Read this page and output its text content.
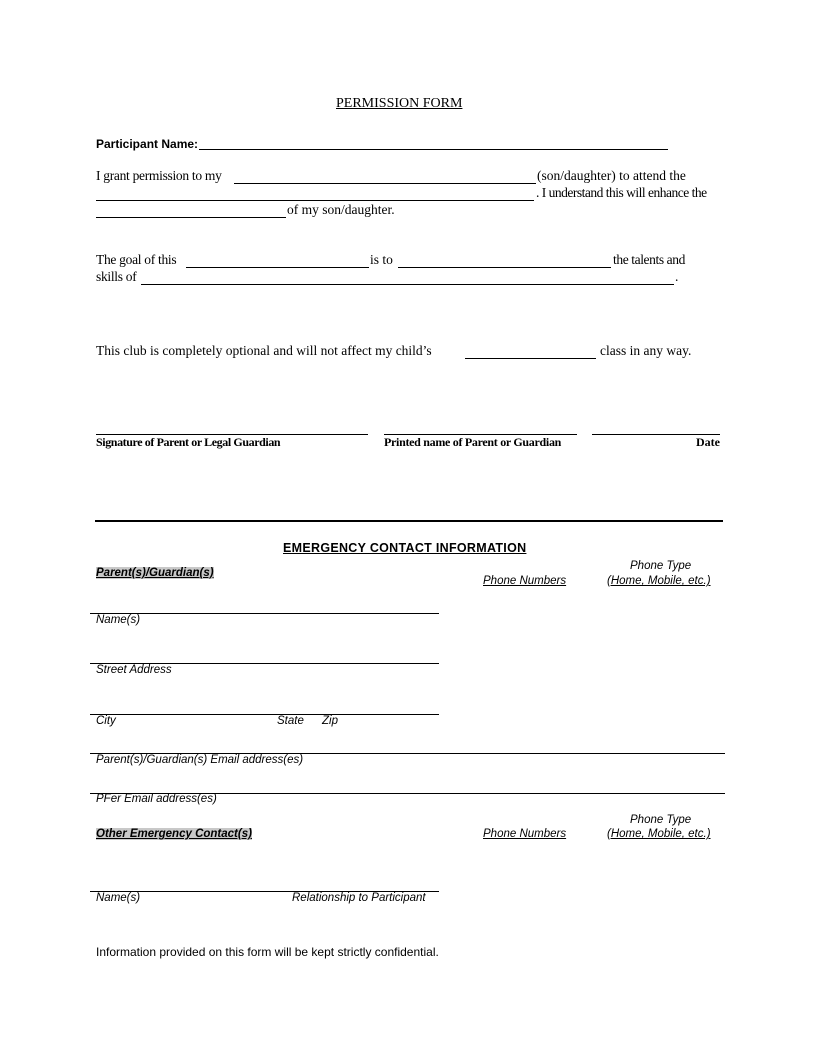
PERMISSION FORM
Participant Name:
I grant permission to my	(son/daughter) to attend the
. I understand this will enhance the
of my son/daughter.
The goal of this	is to	the talents and
skills of	.
This club is completely optional and will not affect my child’s	class in any way.
Signature of Parent or Legal Guardian	Printed name of Parent or Guardian	Date
EMERGENCY CONTACT INFORMATION
Parent(s)/Guardian(s)
Phone Numbers
Phone Type
(Home, Mobile, etc.)
Name(s)
Street Address
City	State Zip
Parent(s)/Guardian(s) Email address(es)
PFer Email address(es)
Other Emergency Contact(s)	Phone Numbers
Phone Type
(Home, Mobile, etc.)
Name(s)	Relationship to Participant
Information provided on this form will be kept strictly confidential.
